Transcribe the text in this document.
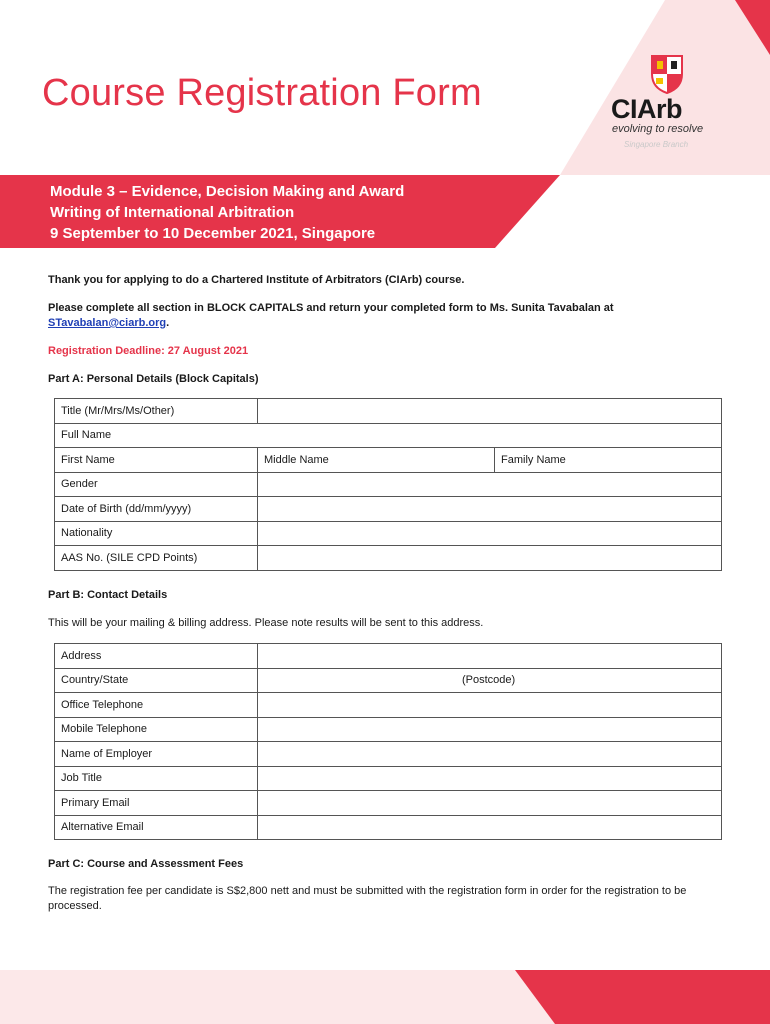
Course Registration Form	CIArb
evolving to resolve
Singapore Branch
Module 3 – Evidence, Decision Making and Award
Writing of International Arbitration
9 September to 10 December 2021, Singapore
Thank you for applying to do a Chartered Institute of Arbitrators (CIArb) course.
Please complete all section in BLOCK CAPITALS and return your completed form to Ms. Sunita Tavabalan at
STavabalan@ciarb.org.
Registration Deadline: 27 August 2021
Part A: Personal Details (Block Capitals)
Title (Mr/Mrs/Ms/Other)		
Full Name		
First Name	Middle Name	Family Name
Gender		
Date of Birth (dd/mm/yyyy)		
Nationality		
AAS No. (SILE CPD Points)		
Part B: Contact Details
This will be your mailing & billing address. Please note results will be sent to this address.
Address	
Country/State	(Postcode)
Office Telephone	
Mobile Telephone	
Name of Employer	
Job Title	
Primary Email	
Alternative Email	
Part C: Course and Assessment Fees
The registration fee per candidate is S$2,800 nett and must be submitted with the registration form in order for the registration to be processed.
